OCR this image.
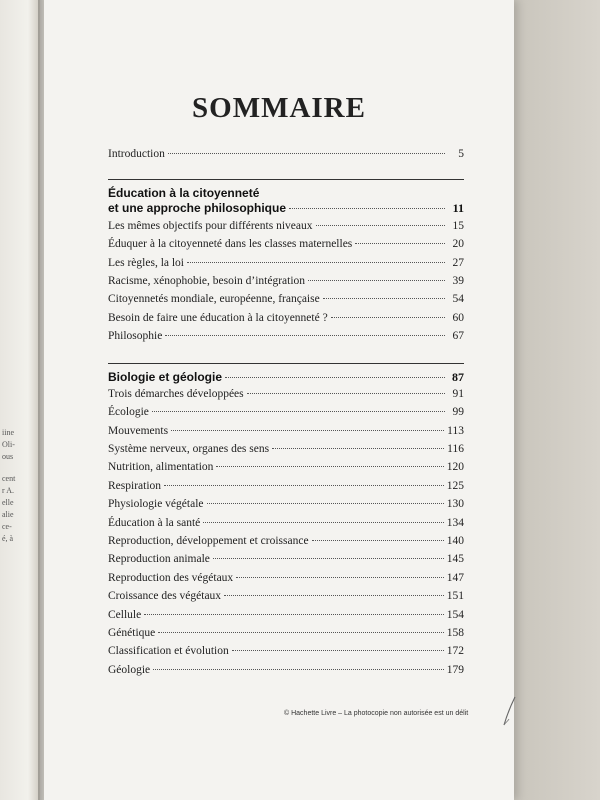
iine
Oli-
ous
cent
r A.
elle
alie
ce-
é, à
SOMMAIRE
Introduction	5
Éducation à la citoyenneté
et une approche philosophique	11
Les mêmes objectifs pour différents niveaux	15
Éduquer à la citoyenneté dans les classes maternelles	20
Les règles, la loi	27
Racisme, xénophobie, besoin d’intégration	39
Citoyennetés mondiale, européenne, française	54
Besoin de faire une éducation à la citoyenneté ?	60
Philosophie	67
Biologie et géologie	87
Trois démarches développées	91
Écologie	99
Mouvements	113
Système nerveux, organes des sens	116
Nutrition, alimentation	120
Respiration	125
Physiologie végétale	130
Éducation à la santé	134
Reproduction, développement et croissance	140
Reproduction animale	145
Reproduction des végétaux	147
Croissance des végétaux	151
Cellule	154
Génétique	158
Classification et évolution	172
Géologie	179
© Hachette Livre – La photocopie non autorisée est un délit
